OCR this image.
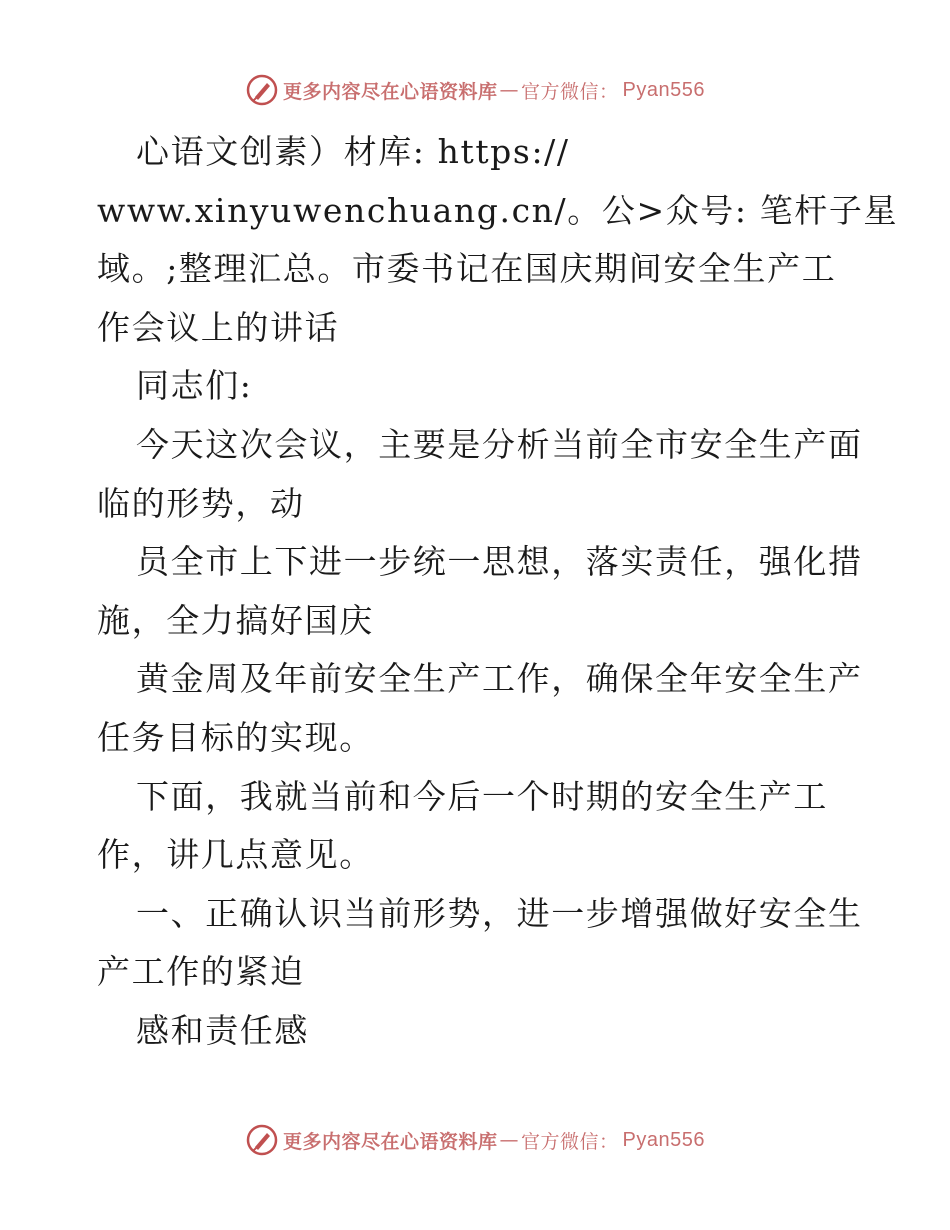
更多内容尽在心语资料库 — 官方微信： Pyan556
心语文创素）材库: https://
www.xinyuwenchuang.cn/。公>众号: 笔杆子星
域。;整理汇总。市委书记在国庆期间安全生产工
作会议上的讲话
同志们:
今天这次会议，主要是分析当前全市安全生产面
临的形势，动
员全市上下进一步统一思想，落实责任，强化措
施，全力搞好国庆
黄金周及年前安全生产工作，确保全年安全生产
任务目标的实现。
下面，我就当前和今后一个时期的安全生产工
作，讲几点意见。
一、正确认识当前形势，进一步增强做好安全生
产工作的紧迫
感和责任感
更多内容尽在心语资料库 — 官方微信： Pyan556
